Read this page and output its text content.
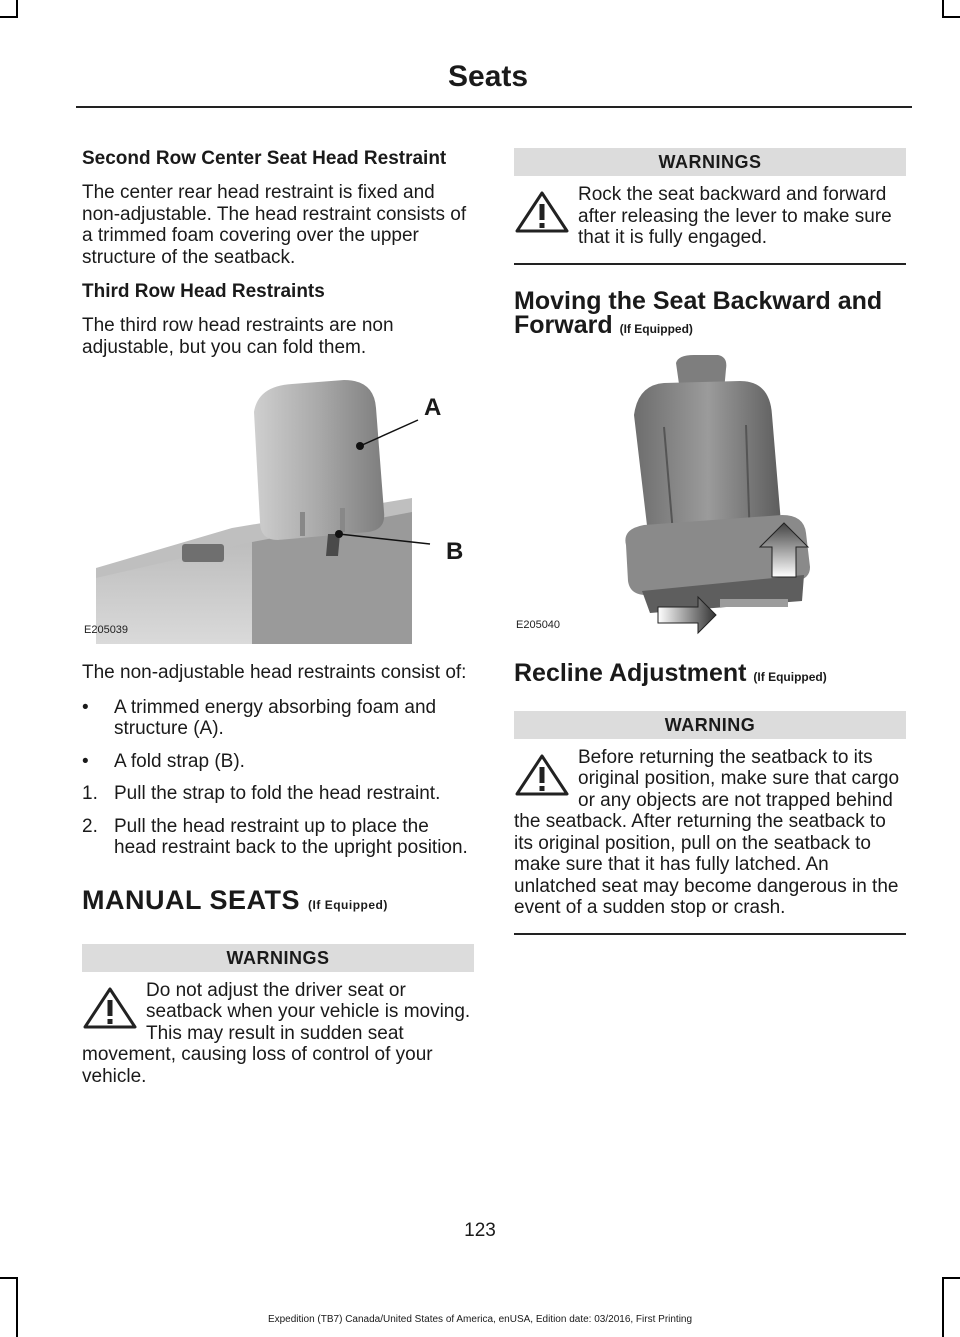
Seats
Second Row Center Seat Head Restraint
The center rear head restraint is fixed and non-adjustable. The head restraint consists of a trimmed foam covering over the upper structure of the seatback.
Third Row Head Restraints
The third row head restraints are non adjustable, but you can fold them.
A
B
E205039
The non-adjustable head restraints consist of:
• A trimmed energy absorbing foam and structure (A).
• A fold strap (B).
1. Pull the strap to fold the head restraint.
2. Pull the head restraint up to place the head restraint back to the upright position.
MANUAL SEATS (If Equipped)
WARNINGS
Do not adjust the driver seat or seatback when your vehicle is moving. This may result in sudden seat movement, causing loss of control of your vehicle.
WARNINGS
Rock the seat backward and forward after releasing the lever to make sure that it is fully engaged.
Moving the Seat Backward and Forward (If Equipped)
E205040
Recline Adjustment (If Equipped)
WARNING
Before returning the seatback to its original position, make sure that cargo or any objects are not trapped behind the seatback. After returning the seatback to its original position, pull on the seatback to make sure that it has fully latched. An unlatched seat may become dangerous in the event of a sudden stop or crash.
123
Expedition (TB7) Canada/United States of America, enUSA, Edition date: 03/2016, First Printing
